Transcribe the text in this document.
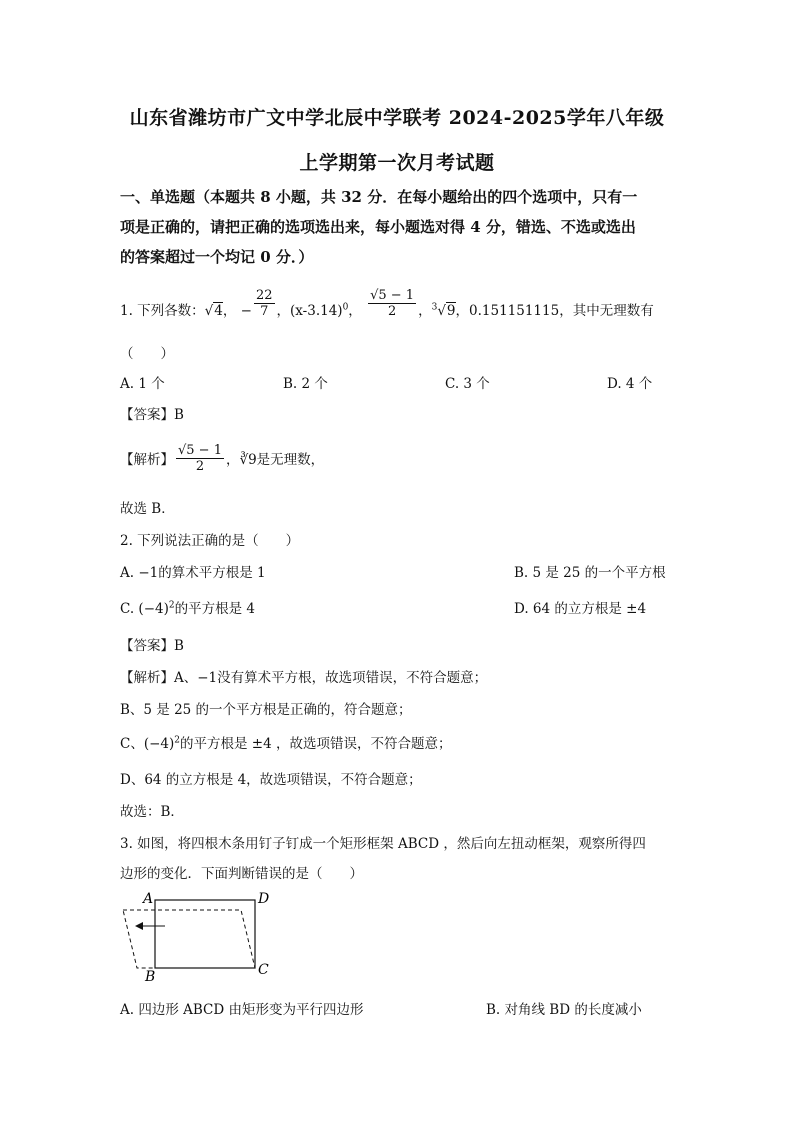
山东省潍坊市广文中学北辰中学联考 2024-2025学年八年级
上学期第一次月考试题
一、单选题（本题共 8 小题，共 32 分．在每小题给出的四个选项中，只有一
项是正确的，请把正确的选项选出来，每小题选对得 4 分，错选、不选或选出
的答案超过一个均记 0 分．）
1. 下列各数：√4， − $\frac{22}{7}$ ，$(x-3.14)^0$， $\frac{√5 - 1}{2}$ ，$^3$√9，0.151151115，其中无理数有
（　　）
A. 1 个	B. 2 个	C. 3 个	D. 4 个
【答案】B
【解析】 $\frac{√5 - 1}{2}$ ，∛9是无理数，
故选 B．
2. 下列说法正确的是（　　）
A. −1的算术平方根是 1	B. 5 是 25 的一个平方根
C. $(-4)^2$的平方根是 4	D. 64 的立方根是 ±4
【答案】B
【解析】A、−1没有算术平方根，故选项错误，不符合题意；
B、5 是 25 的一个平方根是正确的，符合题意；
C、$(-4)^2$的平方根是 ±4 ，故选项错误，不符合题意；
D、64 的立方根是 4，故选项错误，不符合题意；
故选：B．
3. 如图，将四根木条用钉子钉成一个矩形框架 ABCD ，然后向左扭动框架，观察所得四
边形的变化．下面判断错误的是（　　）
A	D
B	C
A. 四边形 ABCD 由矩形变为平行四边形	B. 对角线 BD 的长度减小
